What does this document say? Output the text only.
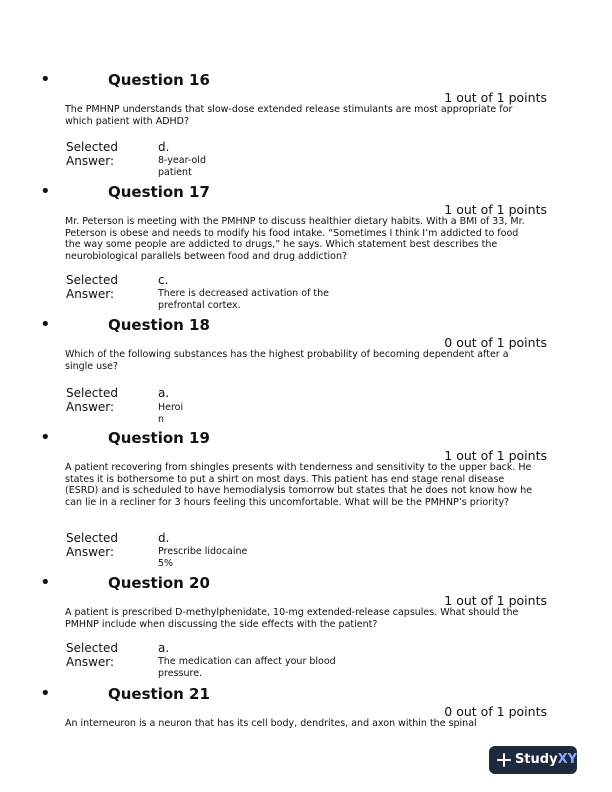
•	Question 16
1 out of 1 points
The PMHNP understands that slow-dose extended release stimulants are most appropriate for which patient with ADHD?
Selected
Answer:
d.
8-year-old
patient
•	Question 17
1 out of 1 points
Mr. Peterson is meeting with the PMHNP to discuss healthier dietary habits. With a BMI of 33, Mr. Peterson is obese and needs to modify his food intake. “Sometimes I think I’m addicted to food the way some people are addicted to drugs,” he says. Which statement best describes the neurobiological parallels between food and drug addiction?
Selected
Answer:
c.
There is decreased activation of the
prefrontal cortex.
•	Question 18
0 out of 1 points
Which of the following substances has the highest probability of becoming dependent after a single use?
Selected
Answer:
a.
Heroi
n
•	Question 19
1 out of 1 points
A patient recovering from shingles presents with tenderness and sensitivity to the upper back. He states it is bothersome to put a shirt on most days. This patient has end stage renal disease (ESRD) and is scheduled to have hemodialysis tomorrow but states that he does not know how he can lie in a recliner for 3 hours feeling this uncomfortable. What will be the PMHNP’s priority?
Selected
Answer:
d.
Prescribe lidocaine
5%
•	Question 20
1 out of 1 points
A patient is prescribed D-methylphenidate, 10-mg extended-release capsules. What should the PMHNP include when discussing the side effects with the patient?
Selected
Answer:
a.
The medication can affect your blood
pressure.
•	Question 21
0 out of 1 points
An interneuron is a neuron that has its cell body, dendrites, and axon within the spinal
StudyXY
